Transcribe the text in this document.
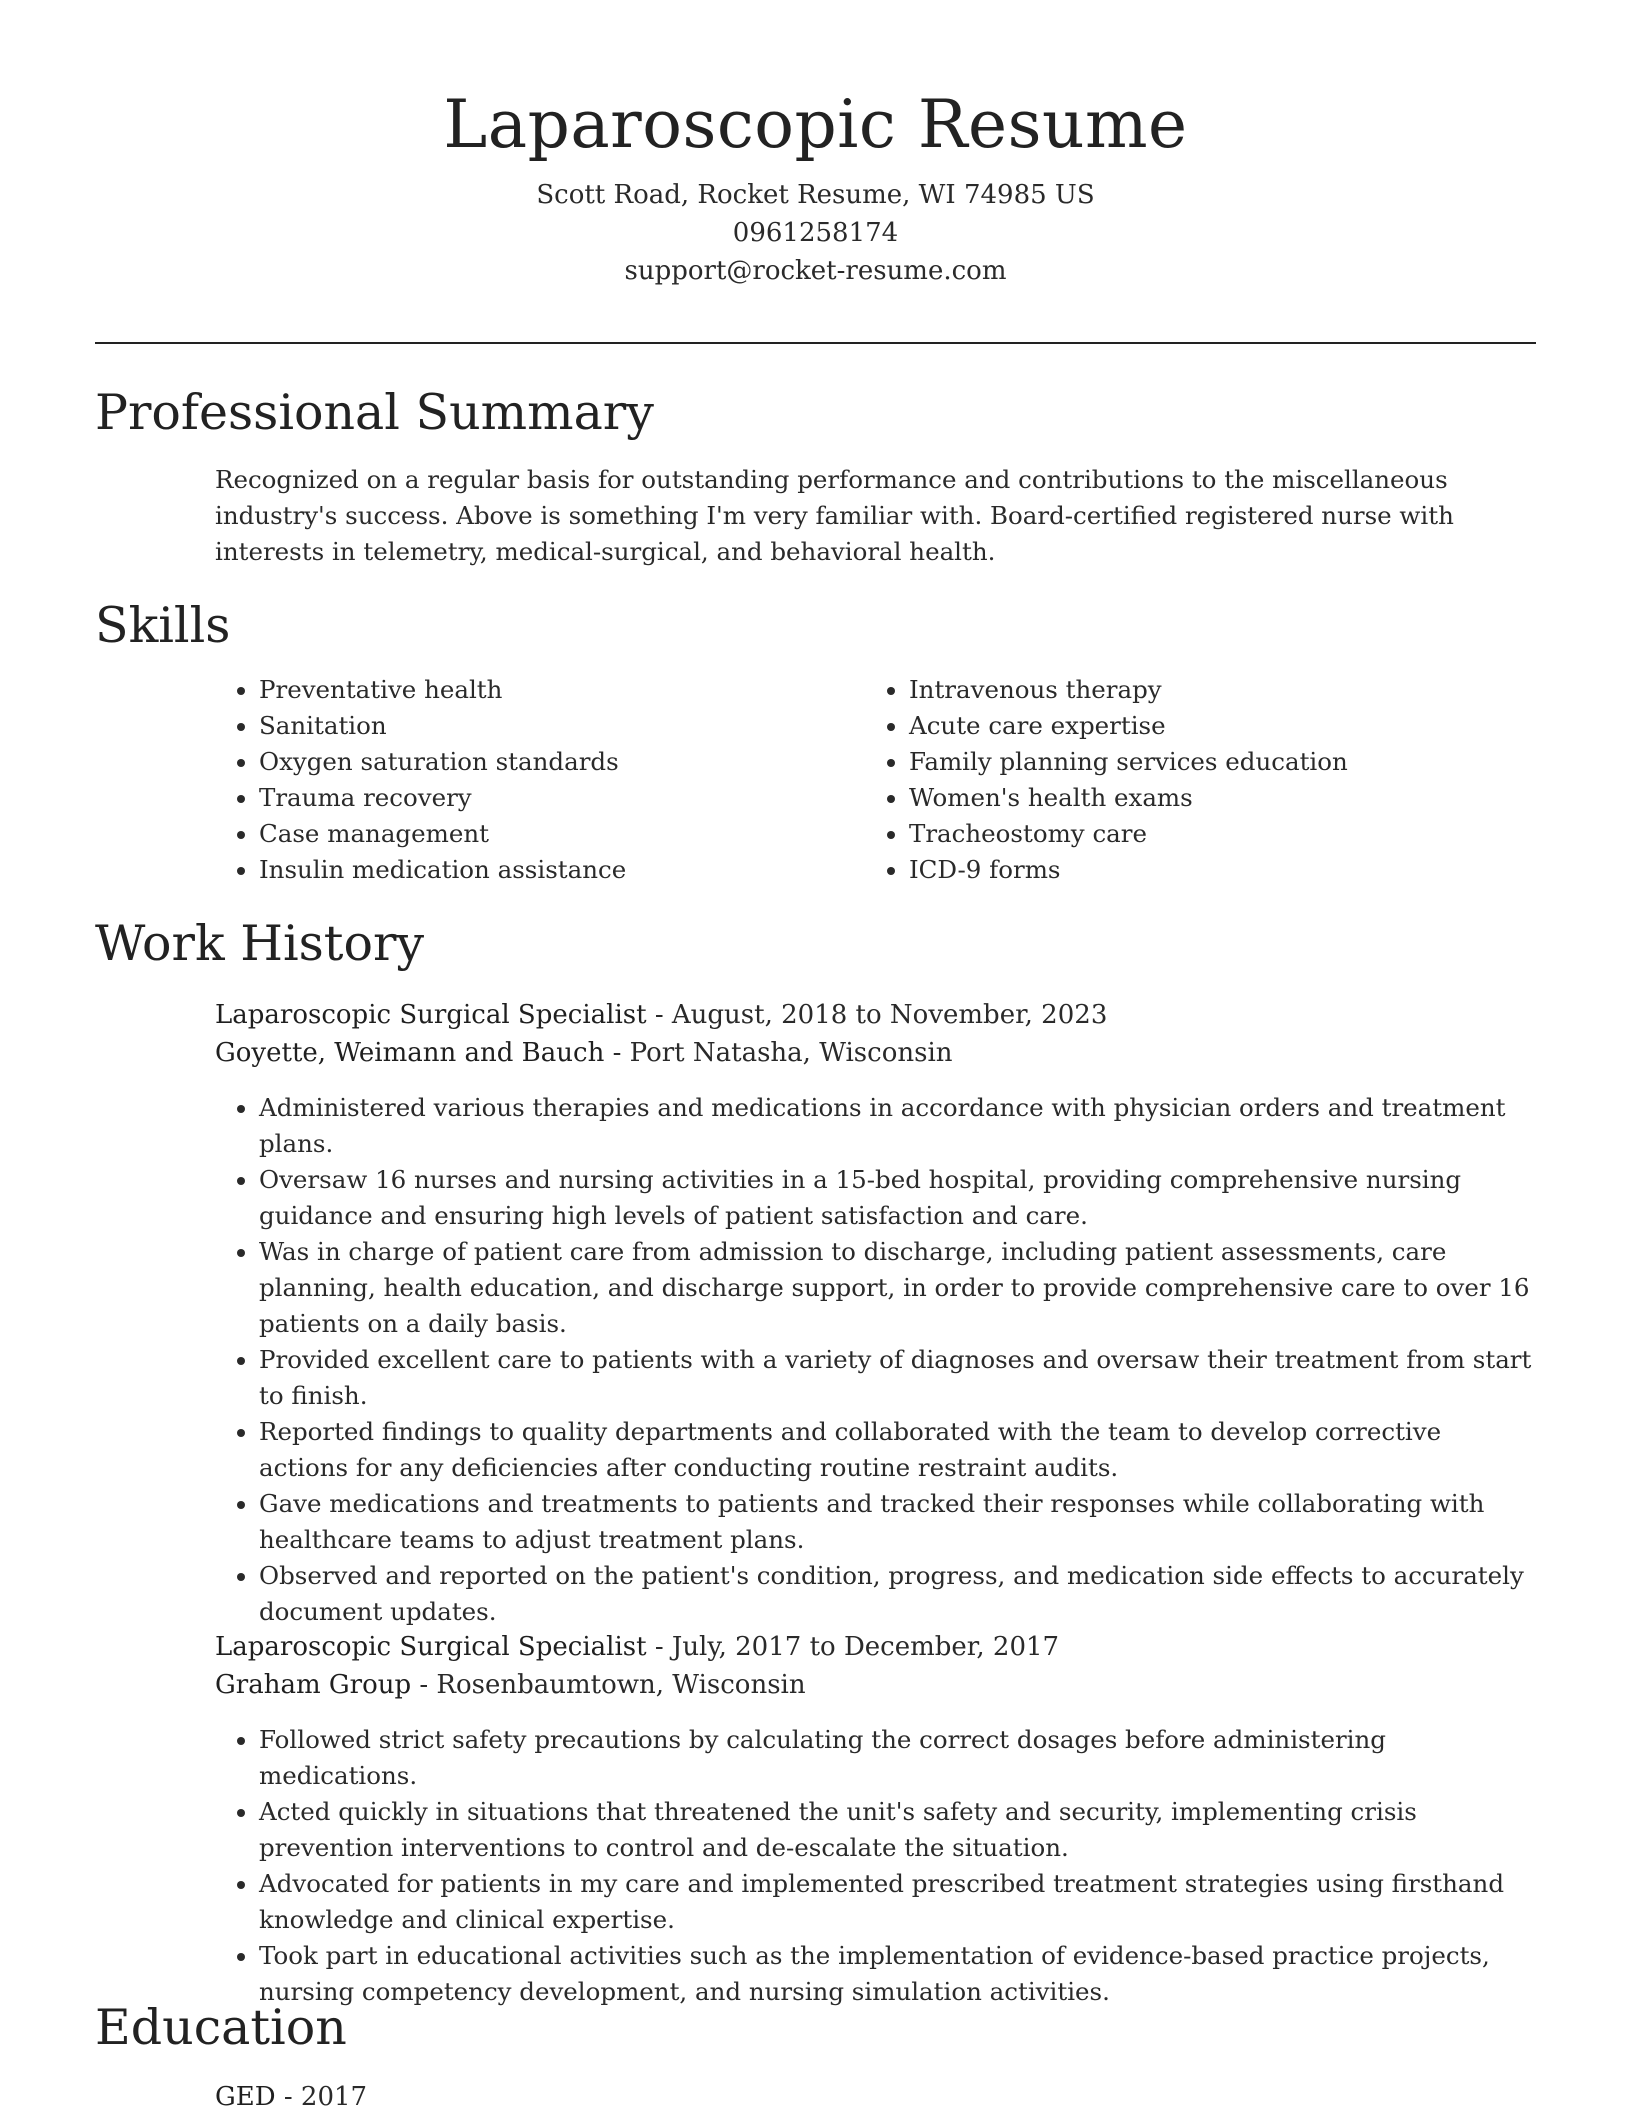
Laparoscopic Resume
Scott Road, Rocket Resume, WI 74985 US
0961258174
support@rocket-resume.com
Professional Summary
Recognized on a regular basis for outstanding performance and contributions to the miscellaneous industry's success. Above is something I'm very familiar with. Board-certified registered nurse with interests in telemetry, medical-surgical, and behavioral health.
Skills
• Preventative health
• Sanitation
• Oxygen saturation standards
• Trauma recovery
• Case management
• Insulin medication assistance
• Intravenous therapy
• Acute care expertise
• Family planning services education
• Women's health exams
• Tracheostomy care
• ICD-9 forms
Work History
Laparoscopic Surgical Specialist - August, 2018 to November, 2023
Goyette, Weimann and Bauch - Port Natasha, Wisconsin
• Administered various therapies and medications in accordance with physician orders and treatment plans.
• Oversaw 16 nurses and nursing activities in a 15-bed hospital, providing comprehensive nursing guidance and ensuring high levels of patient satisfaction and care.
• Was in charge of patient care from admission to discharge, including patient assessments, care planning, health education, and discharge support, in order to provide comprehensive care to over 16 patients on a daily basis.
• Provided excellent care to patients with a variety of diagnoses and oversaw their treatment from start to finish.
• Reported findings to quality departments and collaborated with the team to develop corrective actions for any deficiencies after conducting routine restraint audits.
• Gave medications and treatments to patients and tracked their responses while collaborating with healthcare teams to adjust treatment plans.
• Observed and reported on the patient's condition, progress, and medication side effects to accurately document updates.
Laparoscopic Surgical Specialist - July, 2017 to December, 2017
Graham Group - Rosenbaumtown, Wisconsin
• Followed strict safety precautions by calculating the correct dosages before administering medications.
• Acted quickly in situations that threatened the unit's safety and security, implementing crisis prevention interventions to control and de-escalate the situation.
• Advocated for patients in my care and implemented prescribed treatment strategies using firsthand knowledge and clinical expertise.
• Took part in educational activities such as the implementation of evidence-based practice projects, nursing competency development, and nursing simulation activities.
Education
GED - 2017
